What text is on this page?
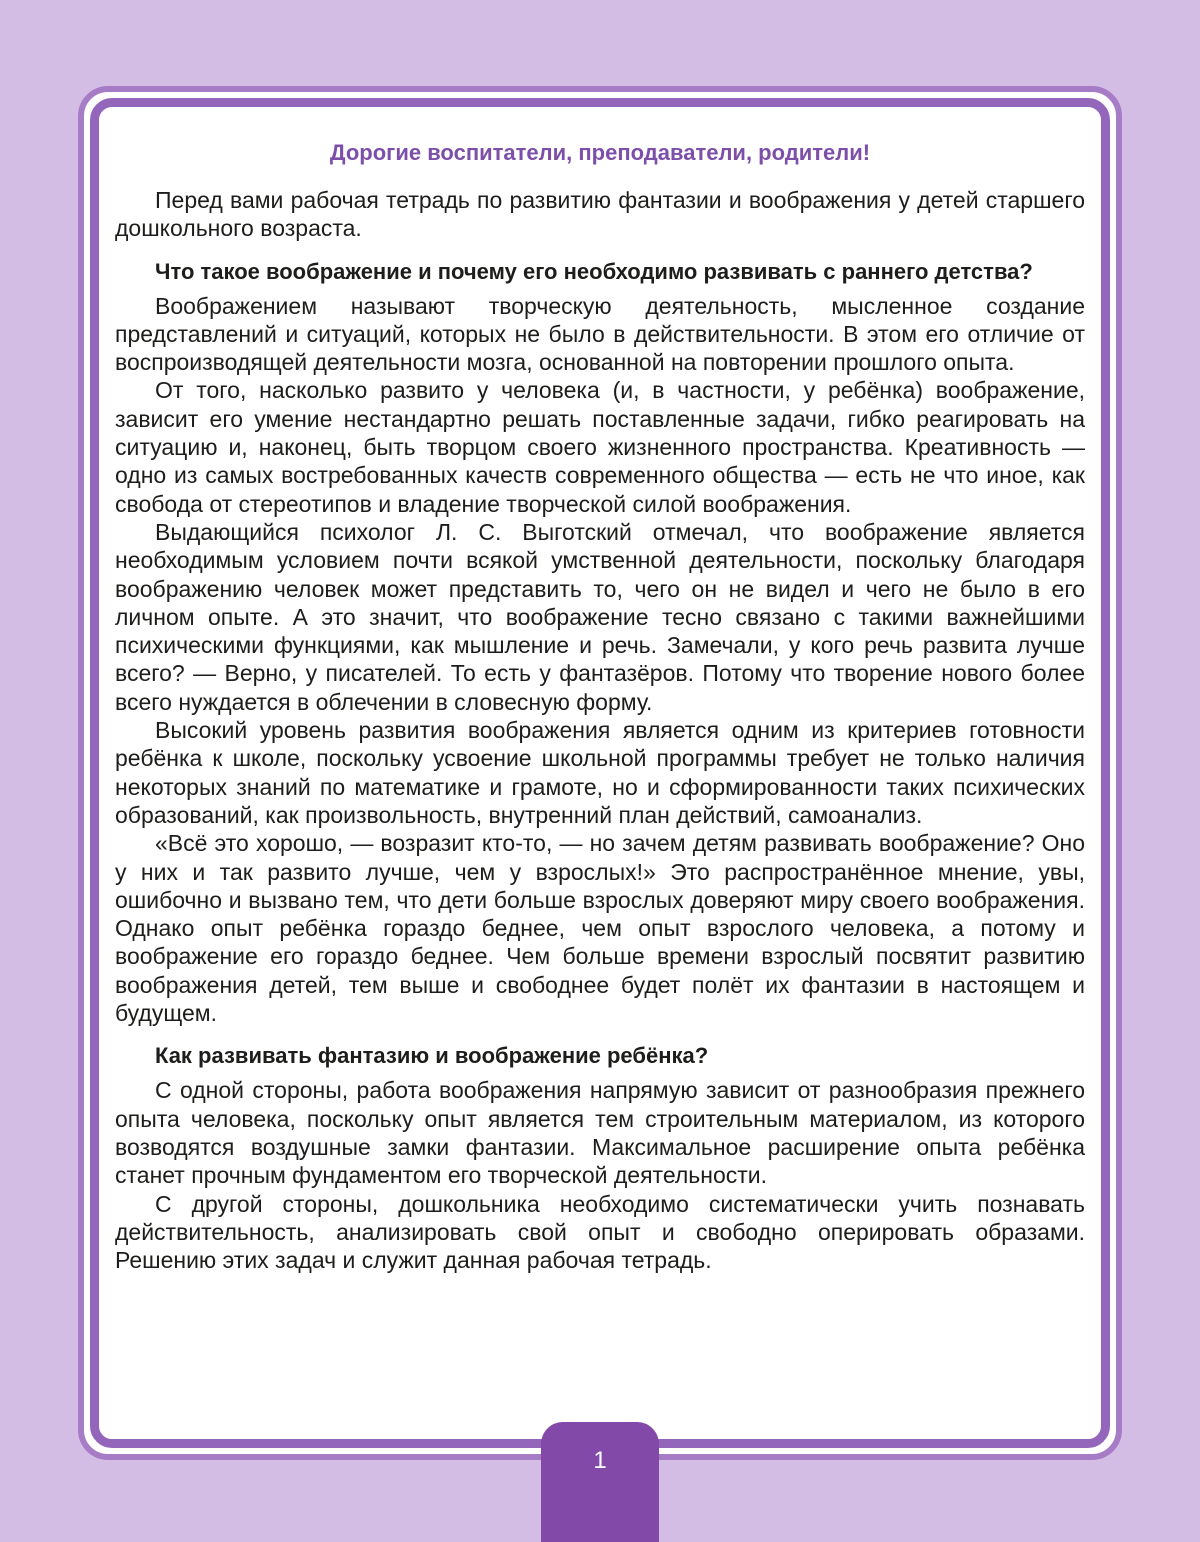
Дорогие воспитатели, преподаватели, родители!

Перед вами рабочая тетрадь по развитию фантазии и воображения у детей старшего дошкольного возраста.

Что такое воображение и почему его необходимо развивать с раннего детства?

Воображением называют творческую деятельность, мысленное создание представлений и ситуаций, которых не было в действительности. В этом его отличие от воспроизводящей деятельности мозга, основанной на повторении прошлого опыта.

От того, насколько развито у человека (и, в частности, у ребёнка) воображение, зависит его умение нестандартно решать поставленные задачи, гибко реагировать на ситуацию и, наконец, быть творцом своего жизненного пространства. Креативность — одно из самых востребованных качеств современного общества — есть не что иное, как свобода от стереотипов и владение творческой силой воображения.

Выдающийся психолог Л. С. Выготский отмечал, что воображение является необходимым условием почти всякой умственной деятельности, поскольку благодаря воображению человек может представить то, чего он не видел и чего не было в его личном опыте. А это значит, что воображение тесно связано с такими важнейшими психическими функциями, как мышление и речь. Замечали, у кого речь развита лучше всего? — Верно, у писателей. То есть у фантазёров. Потому что творение нового более всего нуждается в облечении в словесную форму.

Высокий уровень развития воображения является одним из критериев готовности ребёнка к школе, поскольку усвоение школьной программы требует не только наличия некоторых знаний по математике и грамоте, но и сформированности таких психических образований, как произвольность, внутренний план действий, самоанализ.

«Всё это хорошо, — возразит кто-то, — но зачем детям развивать воображение? Оно у них и так развито лучше, чем у взрослых!» Это распространённое мнение, увы, ошибочно и вызвано тем, что дети больше взрослых доверяют миру своего воображения. Однако опыт ребёнка гораздо беднее, чем опыт взрослого человека, а потому и воображение его гораздо беднее. Чем больше времени взрослый посвятит развитию воображения детей, тем выше и свободнее будет полёт их фантазии в настоящем и будущем.

Как развивать фантазию и воображение ребёнка?

С одной стороны, работа воображения напрямую зависит от разнообразия прежнего опыта человека, поскольку опыт является тем строительным материалом, из которого возводятся воздушные замки фантазии. Максимальное расширение опыта ребёнка станет прочным фундаментом его творческой деятельности.

С другой стороны, дошкольника необходимо систематически учить познавать действительность, анализировать свой опыт и свободно оперировать образами. Решению этих задач и служит данная рабочая тетрадь.

1
